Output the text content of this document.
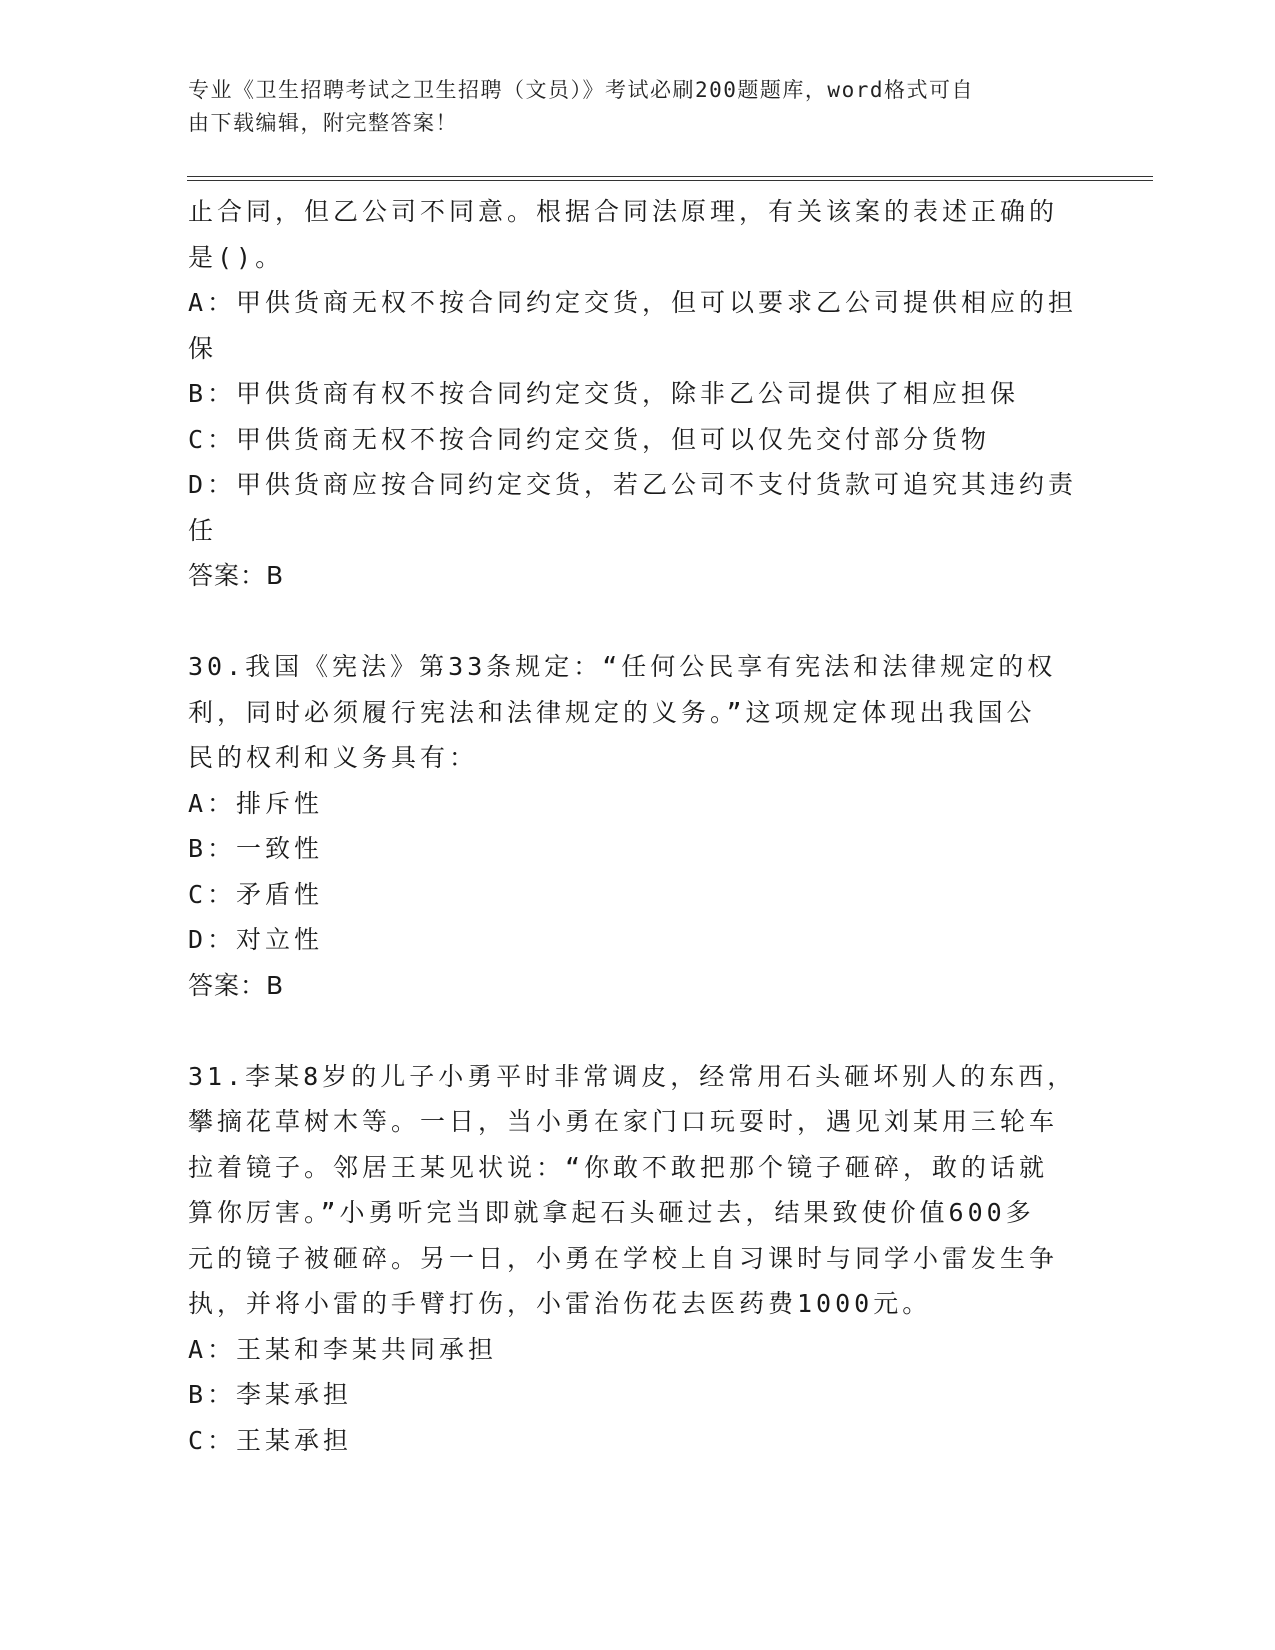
专业《卫生招聘考试之卫生招聘（文员）》考试必刷200题题库，word格式可自
由下载编辑，附完整答案！
止合同，但乙公司不同意。根据合同法原理，有关该案的表述正确的
是()。
A：甲供货商无权不按合同约定交货，但可以要求乙公司提供相应的担
保
B：甲供货商有权不按合同约定交货，除非乙公司提供了相应担保
C：甲供货商无权不按合同约定交货，但可以仅先交付部分货物
D：甲供货商应按合同约定交货，若乙公司不支付货款可追究其违约责
任
答案：B
30.我国《宪法》第33条规定：“任何公民享有宪法和法律规定的权
利，同时必须履行宪法和法律规定的义务。”这项规定体现出我国公
民的权利和义务具有：
A：排斥性
B：一致性
C：矛盾性
D：对立性
答案：B
31.李某8岁的儿子小勇平时非常调皮，经常用石头砸坏别人的东西，
攀摘花草树木等。一日，当小勇在家门口玩耍时，遇见刘某用三轮车
拉着镜子。邻居王某见状说：“你敢不敢把那个镜子砸碎，敢的话就
算你厉害。”小勇听完当即就拿起石头砸过去，结果致使价值600多
元的镜子被砸碎。另一日，小勇在学校上自习课时与同学小雷发生争
执，并将小雷的手臂打伤，小雷治伤花去医药费1000元。
A：王某和李某共同承担
B：李某承担
C：王某承担
